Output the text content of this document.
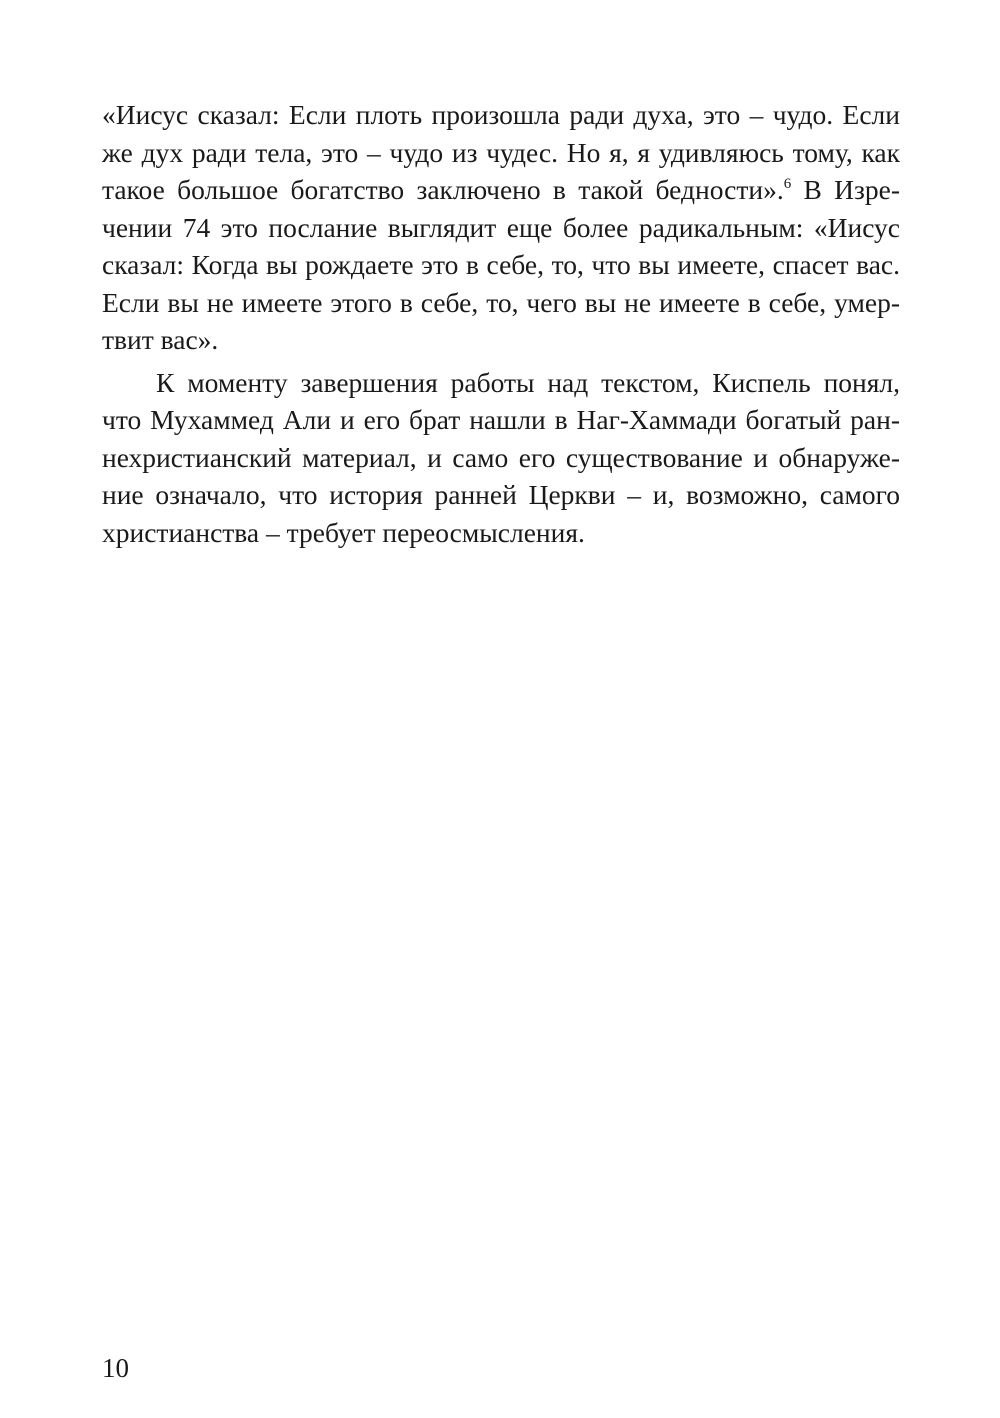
«Иисус сказал: Если плоть произошла ради духа, это – чудо. Если
же дух ради тела, это – чудо из чудес. Но я, я удивляюсь тому, как
такое большое богатство заключено в такой бедности».$^6$ В Изре-
чении 74 это послание выглядит еще более радикальным: «Иисус
сказал: Когда вы рождаете это в себе, то, что вы имеете, спасет вас.
Если вы не имеете этого в себе, то, чего вы не имеете в себе, умер-
твит вас».
К моменту завершения работы над текстом, Киспель понял,
что Мухаммед Али и его брат нашли в Наг-Хаммади богатый ран-
нехристианский материал, и само его существование и обнаруже-
ние означало, что история ранней Церкви – и, возможно, самого
христианства – требует переосмысления.
10
